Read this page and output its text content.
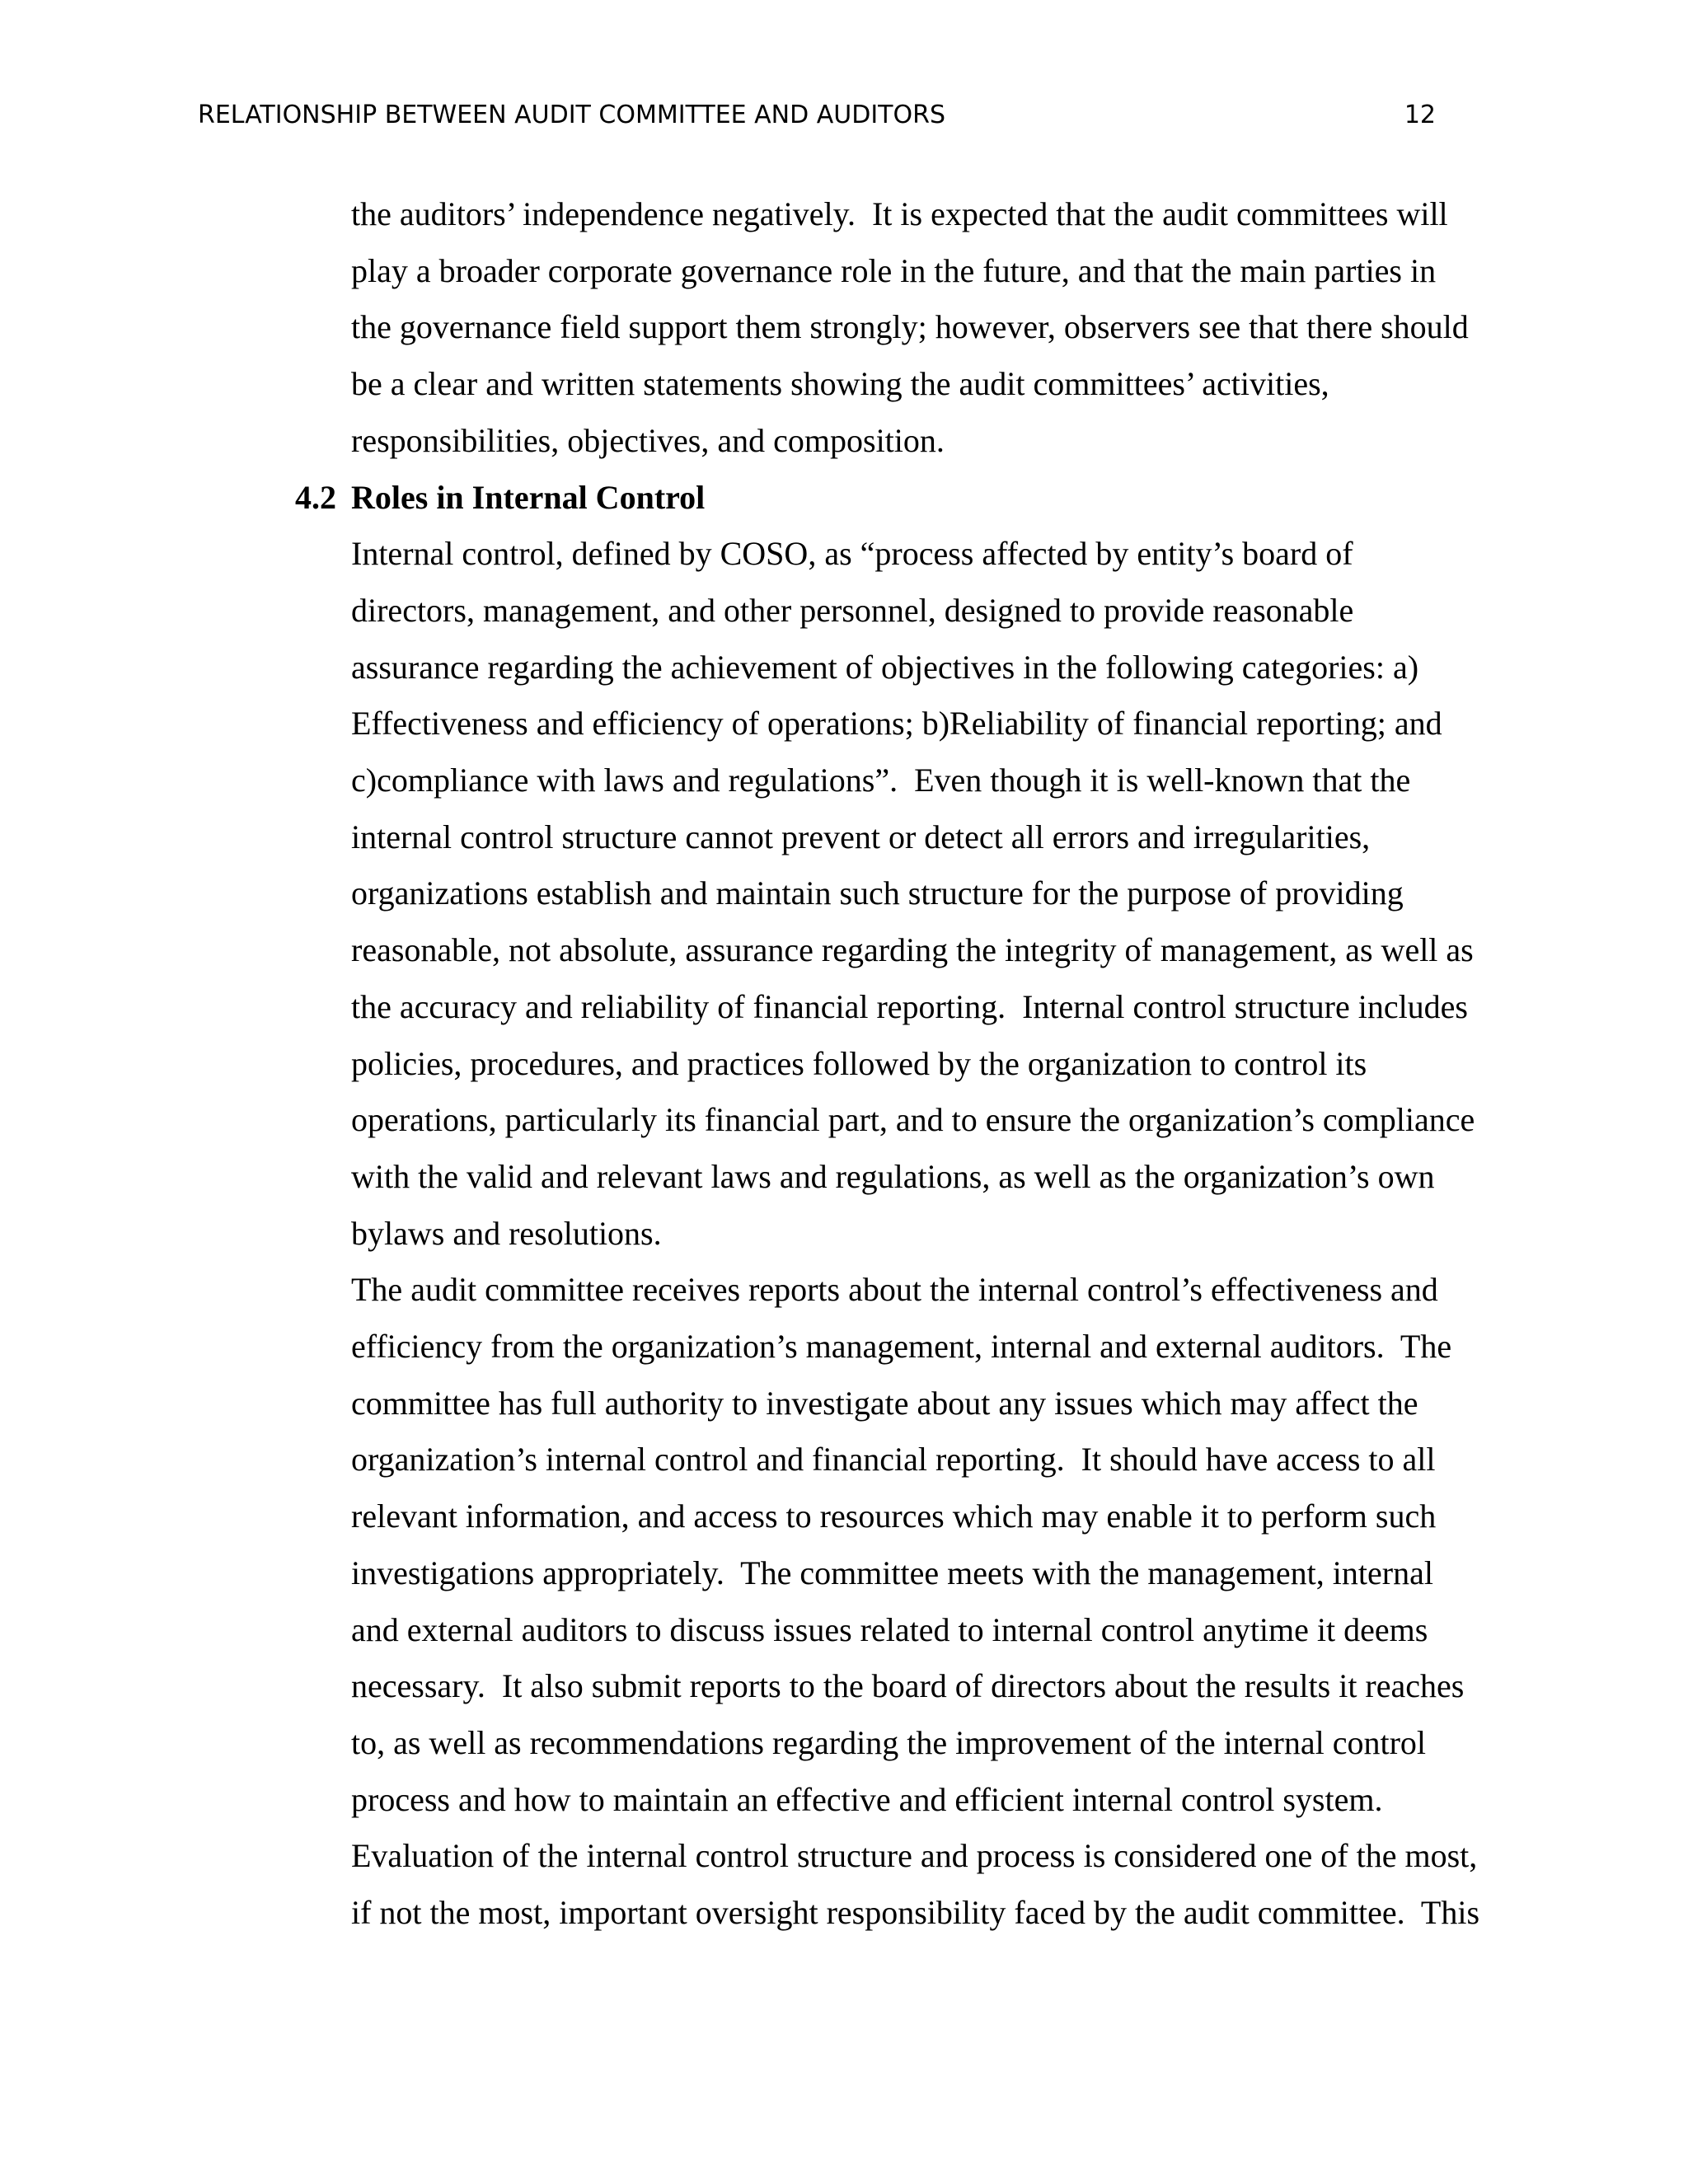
RELATIONSHIP BETWEEN AUDIT COMMITTEE AND AUDITORS	12
the auditors’ independence negatively.  It is expected that the audit committees will
play a broader corporate governance role in the future, and that the main parties in
the governance field support them strongly; however, observers see that there should
be a clear and written statements showing the audit committees’ activities,
responsibilities, objectives, and composition.
4.2 Roles in Internal Control
Internal control, defined by COSO, as “process affected by entity’s board of
directors, management, and other personnel, designed to provide reasonable
assurance regarding the achievement of objectives in the following categories: a)
Effectiveness and efficiency of operations; b)Reliability of financial reporting; and
c)compliance with laws and regulations”.  Even though it is well-known that the
internal control structure cannot prevent or detect all errors and irregularities,
organizations establish and maintain such structure for the purpose of providing
reasonable, not absolute, assurance regarding the integrity of management, as well as
the accuracy and reliability of financial reporting.  Internal control structure includes
policies, procedures, and practices followed by the organization to control its
operations, particularly its financial part, and to ensure the organization’s compliance
with the valid and relevant laws and regulations, as well as the organization’s own
bylaws and resolutions.
The audit committee receives reports about the internal control’s effectiveness and
efficiency from the organization’s management, internal and external auditors.  The
committee has full authority to investigate about any issues which may affect the
organization’s internal control and financial reporting.  It should have access to all
relevant information, and access to resources which may enable it to perform such
investigations appropriately.  The committee meets with the management, internal
and external auditors to discuss issues related to internal control anytime it deems
necessary.  It also submit reports to the board of directors about the results it reaches
to, as well as recommendations regarding the improvement of the internal control
process and how to maintain an effective and efficient internal control system.
Evaluation of the internal control structure and process is considered one of the most,
if not the most, important oversight responsibility faced by the audit committee.  This
